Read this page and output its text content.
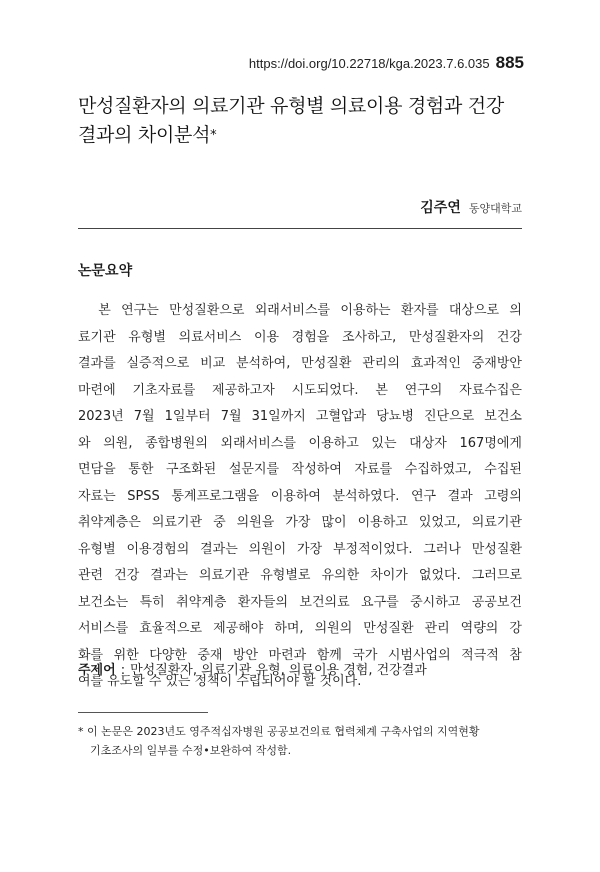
https://doi.org/10.22718/kga.2023.7.6.035 885
만성질환자의 의료기관 유형별 의료이용 경험과 건강
결과의 차이분석*
김주연 동양대학교
논문요약
본 연구는 만성질환으로 외래서비스를 이용하는 환자를 대상으로 의
료기관 유형별 의료서비스 이용 경험을 조사하고, 만성질환자의 건강
결과를 실증적으로 비교 분석하여, 만성질환 관리의 효과적인 중재방안
마련에 기초자료를 제공하고자 시도되었다. 본 연구의 자료수집은
2023년 7월 1일부터 7월 31일까지 고혈압과 당뇨병 진단으로 보건소
와 의원, 종합병원의 외래서비스를 이용하고 있는 대상자 167명에게
면담을 통한 구조화된 설문지를 작성하여 자료를 수집하였고, 수집된
자료는 SPSS 통계프로그램을 이용하여 분석하였다. 연구 결과 고령의
취약계층은 의료기관 중 의원을 가장 많이 이용하고 있었고, 의료기관
유형별 이용경험의 결과는 의원이 가장 부정적이었다. 그러나 만성질환
관련 건강 결과는 의료기관 유형별로 유의한 차이가 없었다. 그러므로
보건소는 특히 취약계층 환자들의 보건의료 요구를 중시하고 공공보건
서비스를 효율적으로 제공해야 하며, 의원의 만성질환 관리 역량의 강
화를 위한 다양한 중재 방안 마련과 함께 국가 시범사업의 적극적 참
여를 유도할 수 있는 정책이 수립되어야 할 것이다.
주제어 : 만성질환자, 의료기관 유형, 의료이용 경험, 건강결과
* 이 논문은 2023년도 영주적십자병원 공공보건의료 협력체계 구축사업의 지역현황
기초조사의 일부를 수정•보완하여 작성함.
